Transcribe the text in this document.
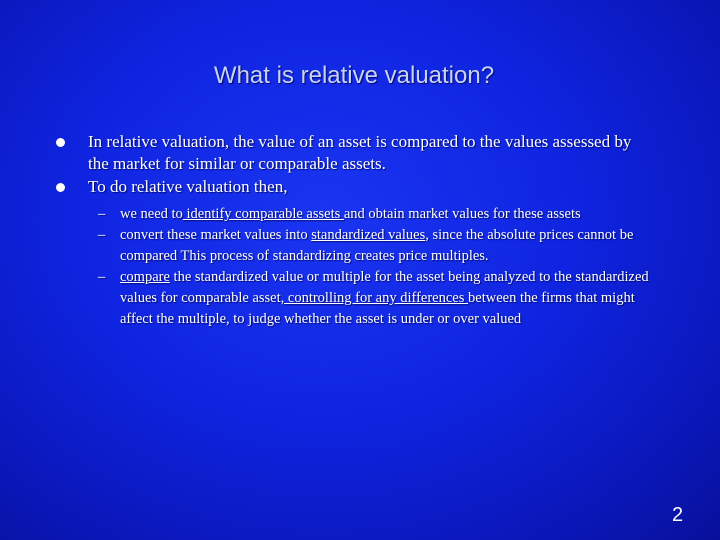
What is relative valuation?
In relative valuation, the value of an asset is compared to the values assessed by the market for similar or comparable assets.
To do relative valuation then,
– we need to identify comparable assets and obtain market values for these assets
– convert these market values into standardized values, since the absolute prices cannot be compared This process of standardizing creates price multiples.
– compare the standardized value or multiple for the asset being analyzed to the standardized values for comparable asset, controlling for any differences between the firms that might affect the multiple, to judge whether the asset is under or over valued
2
